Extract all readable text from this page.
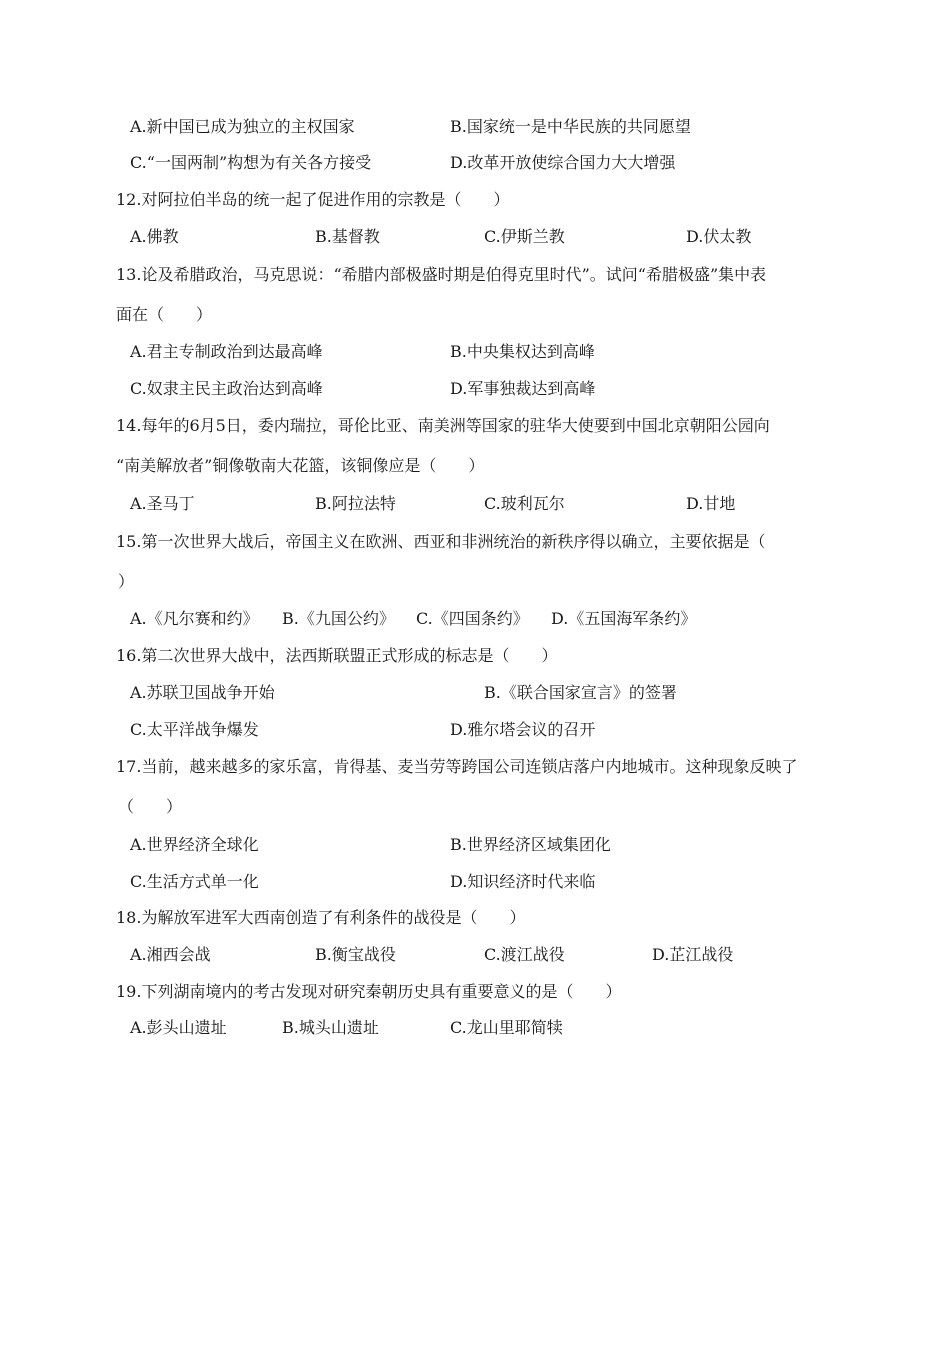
A.新中国已成为独立的主权国家	B.国家统一是中华民族的共同愿望
C.“一国两制”构想为有关各方接受	D.改革开放使综合国力大大增强
12.对阿拉伯半岛的统一起了促进作用的宗教是（　　）
A.佛教	B.基督教	C.伊斯兰教	D.伏太教
13.论及希腊政治，马克思说：“希腊内部极盛时期是伯得克里时代”。试问“希腊极盛”集中表
面在（　　）
A.君主专制政治到达最高峰	B.中央集权达到高峰
C.奴隶主民主政治达到高峰	D.军事独裁达到高峰
14.每年的6月5日，委内瑞拉，哥伦比亚、南美洲等国家的驻华大使要到中国北京朝阳公园向
“南美解放者”铜像敬南大花篮，该铜像应是（　　）
A.圣马丁	B.阿拉法特	C.玻利瓦尔	D.甘地
15.第一次世界大战后，帝国主义在欧洲、西亚和非洲统治的新秩序得以确立，主要依据是（
）
A.《凡尔赛和约》 B.《九国公约》 C.《四国条约》 D.《五国海军条约》
16.第二次世界大战中，法西斯联盟正式形成的标志是（　　）
A.苏联卫国战争开始	B.《联合国家宣言》的签署
C.太平洋战争爆发	D.雅尔塔会议的召开
17.当前，越来越多的家乐富，肯得基、麦当劳等跨国公司连锁店落户内地城市。这种现象反映了
（　　）
A.世界经济全球化	B.世界经济区域集团化
C.生活方式单一化	D.知识经济时代来临
18.为解放军进军大西南创造了有利条件的战役是（　　）
A.湘西会战	B.衡宝战役	C.渡江战役	D.芷江战役
19.下列湖南境内的考古发现对研究秦朝历史具有重要意义的是（　　）
A.彭头山遗址	B.城头山遗址	C.龙山里耶简犊
